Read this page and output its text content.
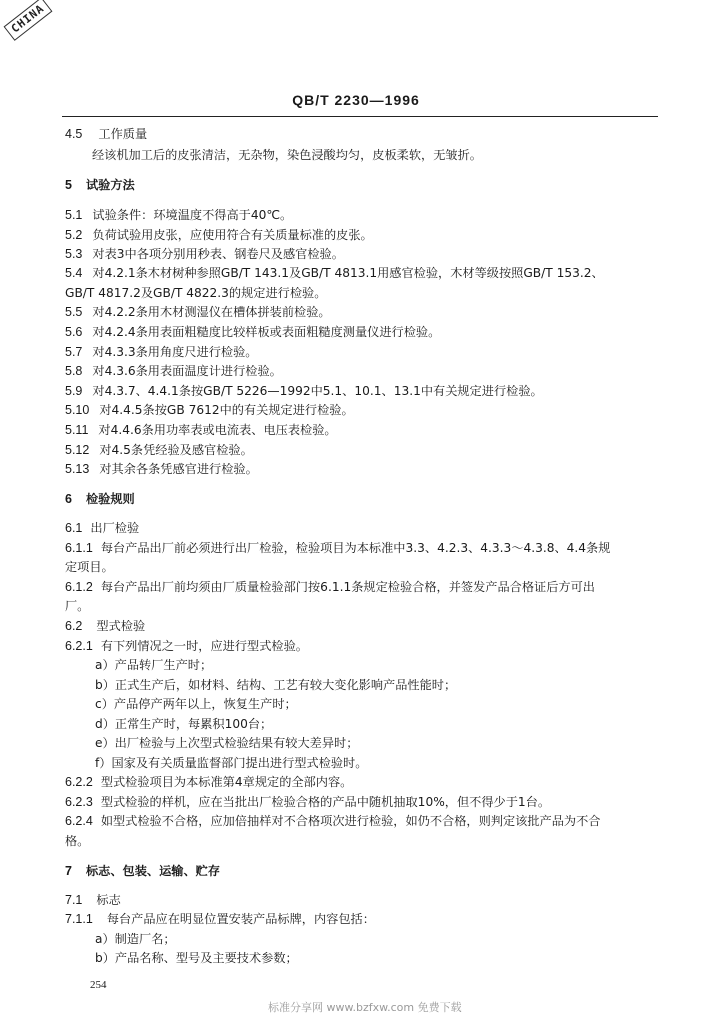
CHINA
QB/T 2230—1996
4.5 工作质量
经该机加工后的皮张清洁，无杂物，染色浸酸均匀，皮板柔软，无皱折。
5 试验方法
5.1 试验条件：环境温度不得高于40℃。
5.2 负荷试验用皮张，应使用符合有关质量标准的皮张。
5.3 对表3中各项分别用秒表、钢卷尺及感官检验。
5.4 对4.2.1条木材树种参照GB/T 143.1及GB/T 4813.1用感官检验，木材等级按照GB/T 153.2、
GB/T 4817.2及GB/T 4822.3的规定进行检验。
5.5 对4.2.2条用木材测湿仪在槽体拼装前检验。
5.6 对4.2.4条用表面粗糙度比较样板或表面粗糙度测量仪进行检验。
5.7 对4.3.3条用角度尺进行检验。
5.8 对4.3.6条用表面温度计进行检验。
5.9 对4.3.7、4.4.1条按GB/T 5226—1992中5.1、10.1、13.1中有关规定进行检验。
5.10 对4.4.5条按GB 7612中的有关规定进行检验。
5.11 对4.4.6条用功率表或电流表、电压表检验。
5.12 对4.5条凭经验及感官检验。
5.13 对其余各条凭感官进行检验。
6 检验规则
6.1 出厂检验
6.1.1 每台产品出厂前必须进行出厂检验，检验项目为本标准中3.3、4.2.3、4.3.3～4.3.8、4.4条规
定项目。
6.1.2 每台产品出厂前均须由厂质量检验部门按6.1.1条规定检验合格，并签发产品合格证后方可出
厂。
6.2 型式检验
6.2.1 有下列情况之一时，应进行型式检验。
a）产品转厂生产时；
b）正式生产后，如材料、结构、工艺有较大变化影响产品性能时；
c）产品停产两年以上，恢复生产时；
d）正常生产时，每累积100台；
e）出厂检验与上次型式检验结果有较大差异时；
f）国家及有关质量监督部门提出进行型式检验时。
6.2.2 型式检验项目为本标准第4章规定的全部内容。
6.2.3 型式检验的样机，应在当批出厂检验合格的产品中随机抽取10%，但不得少于1台。
6.2.4 如型式检验不合格，应加倍抽样对不合格项次进行检验，如仍不合格，则判定该批产品为不合
格。
7 标志、包装、运输、贮存
7.1 标志
7.1.1 每台产品应在明显位置安装产品标牌，内容包括：
a）制造厂名；
b）产品名称、型号及主要技术参数；
254
标准分享网 www.bzfxw.com 免费下载
